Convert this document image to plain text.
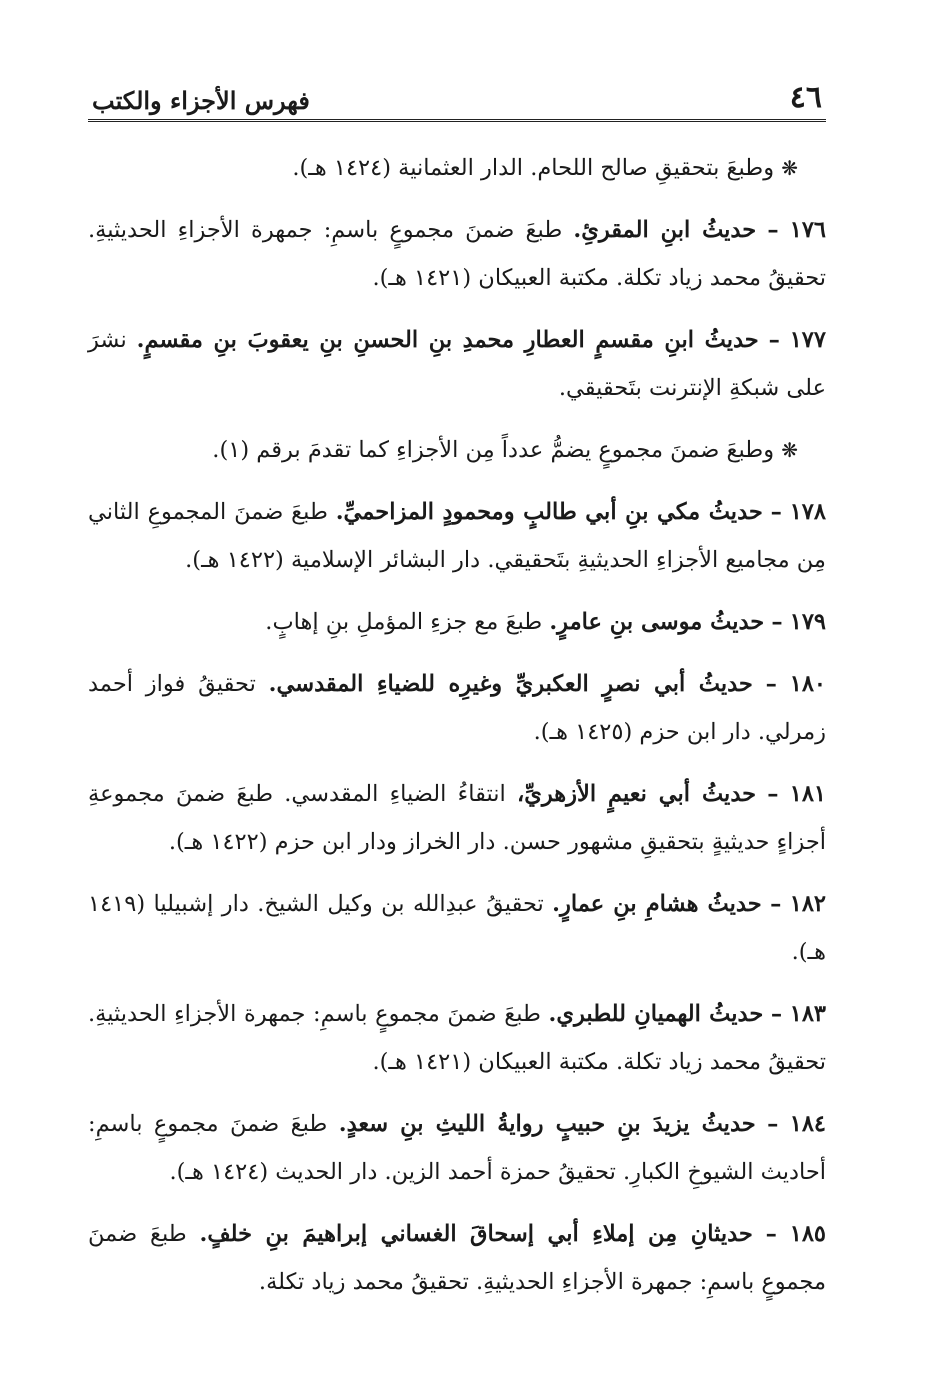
٤٦
فهرس الأجزاء والكتب

❋ وطبعَ بتحقيقِ صالح اللحام. الدار العثمانية (١٤٢٤ هـ).

١٧٦ – حديثُ ابنِ المقرئِ. طبعَ ضمنَ مجموعٍ باسمِ: جمهرة الأجزاءِ الحديثيةِ. تحقيقُ محمد زياد تكلة. مكتبة العبيكان (١٤٢١ هـ).

١٧٧ – حديثُ ابنِ مقسمٍ العطارِ محمدِ بنِ الحسنِ بنِ يعقوبَ بنِ مقسمٍ. نشرَ على شبكةِ الإنترنت بتَحقيقي.

❋ وطبعَ ضمنَ مجموعٍ يضمُّ عدداً مِن الأجزاءِ كما تقدمَ برقم (١).

١٧٨ – حديثُ مكي بنِ أبي طالبٍ ومحمودٍ المزاحميِّ. طبعَ ضمنَ المجموعِ الثاني مِن مجاميع الأجزاءِ الحديثيةِ بتَحقيقي. دار البشائر الإسلامية (١٤٢٢ هـ).

١٧٩ – حديثُ موسى بنِ عامرٍ. طبعَ مع جزءِ المؤملِ بنِ إهابٍ.

١٨٠ – حديثُ أبي نصرٍ العكبريِّ وغيرِه للضياءِ المقدسي. تحقيقُ فواز أحمد زمرلي. دار ابن حزم (١٤٢٥ هـ).

١٨١ – حديثُ أبي نعيمٍ الأزهريِّ، انتقاءُ الضياءِ المقدسي. طبعَ ضمنَ مجموعةِ أجزاءٍ حديثيةٍ بتحقيقِ مشهور حسن. دار الخراز ودار ابن حزم (١٤٢٢ هـ).

١٨٢ – حديثُ هشامِ بنِ عمارٍ. تحقيقُ عبدِالله بن وكيل الشيخ. دار إشبيليا (١٤١٩ هـ).

١٨٣ – حديثُ الهميانِ للطبري. طبعَ ضمنَ مجموعٍ باسمِ: جمهرة الأجزاءِ الحديثيةِ. تحقيقُ محمد زياد تكلة. مكتبة العبيكان (١٤٢١ هـ).

١٨٤ – حديثُ يزيدَ بنِ حبيبٍ روايةُ الليثِ بنِ سعدٍ. طبعَ ضمنَ مجموعٍ باسمِ: أحاديث الشيوخِ الكبارِ. تحقيقُ حمزة أحمد الزين. دار الحديث (١٤٢٤ هـ).

١٨٥ – حديثانِ مِن إملاءِ أبي إسحاقَ الغساني إبراهيمَ بنِ خلفٍ. طبعَ ضمنَ مجموعٍ باسمِ: جمهرة الأجزاءِ الحديثيةِ. تحقيقُ محمد زياد تكلة.
